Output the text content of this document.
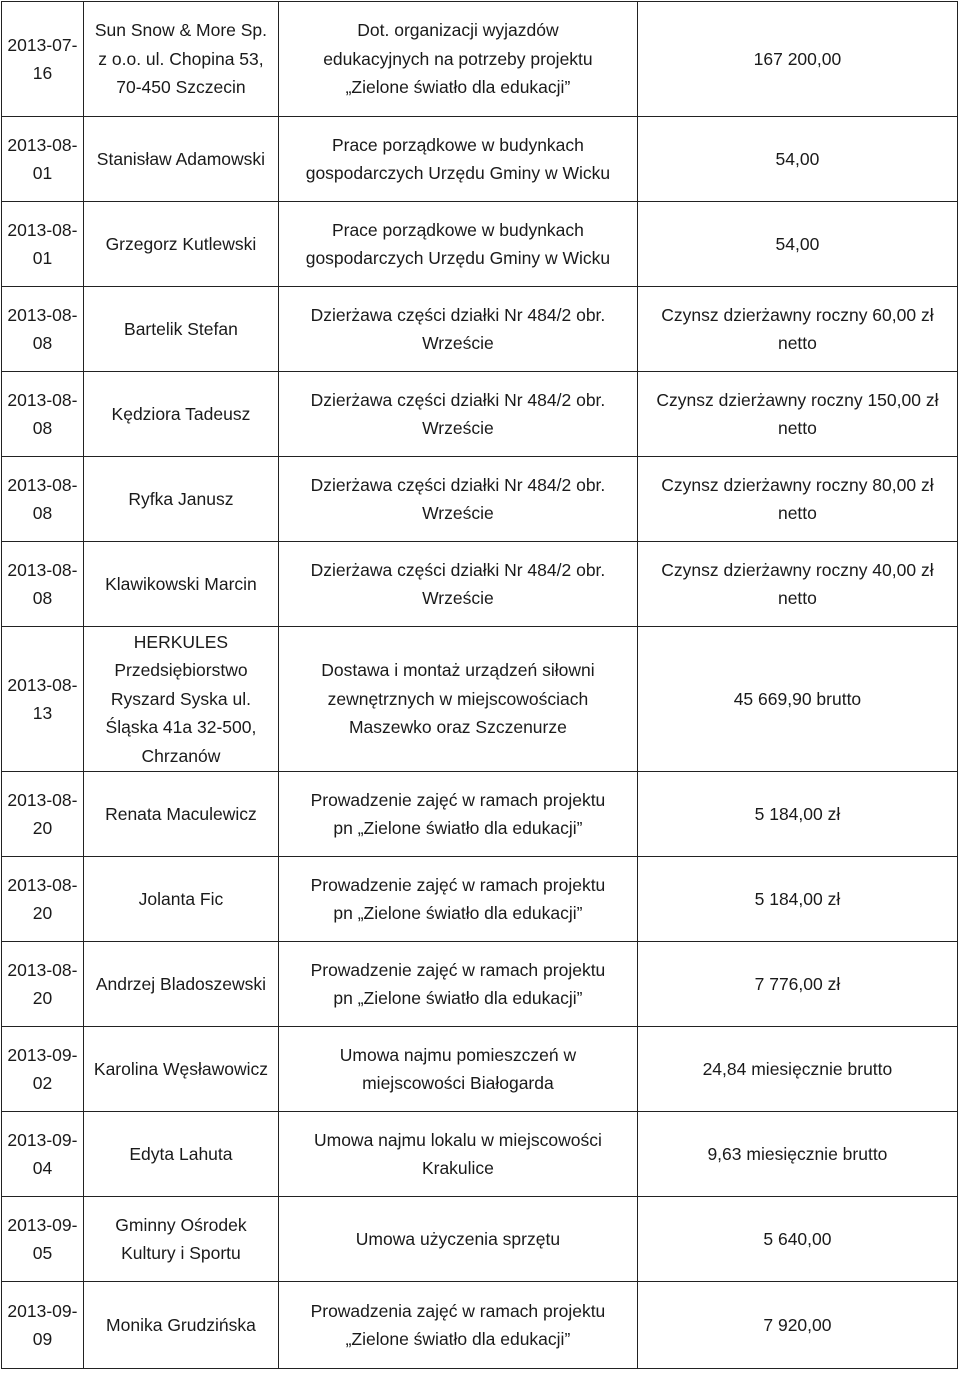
2013-07-
16	Sun Snow & More Sp.
z o.o. ul. Chopina 53,
70-450 Szczecin	Dot. organizacji wyjazdów
edukacyjnych na potrzeby projektu
„Zielone światło dla edukacji”	167 200,00

2013-08-
01	Stanisław Adamowski	Prace porządkowe w budynkach
gospodarczych Urzędu Gminy w Wicku	54,00

2013-08-
01	Grzegorz Kutlewski	Prace porządkowe w budynkach
gospodarczych Urzędu Gminy w Wicku	54,00

2013-08-
08	Bartelik Stefan	Dzierżawa części działki Nr 484/2 obr.
Wrzeście	Czynsz dzierżawny roczny 60,00 zł
netto

2013-08-
08	Kędziora Tadeusz	Dzierżawa części działki Nr 484/2 obr.
Wrzeście	Czynsz dzierżawny roczny 150,00 zł
netto

2013-08-
08	Ryfka Janusz	Dzierżawa części działki Nr 484/2 obr.
Wrzeście	Czynsz dzierżawny roczny 80,00 zł
netto

2013-08-
08	Klawikowski Marcin	Dzierżawa części działki Nr 484/2 obr.
Wrzeście	Czynsz dzierżawny roczny 40,00 zł
netto

2013-08-
13	HERKULES
Przedsiębiorstwo
Ryszard Syska ul.
Śląska 41a 32-500,
Chrzanów	Dostawa i montaż urządzeń siłowni
zewnętrznych w miejscowościach
Maszewko oraz Szczenurze	45 669,90 brutto

2013-08-
20	Renata Maculewicz	Prowadzenie zajęć w ramach projektu
pn „Zielone światło dla edukacji”	5 184,00 zł

2013-08-
20	Jolanta Fic	Prowadzenie zajęć w ramach projektu
pn „Zielone światło dla edukacji”	5 184,00 zł

2013-08-
20	Andrzej Bladoszewski	Prowadzenie zajęć w ramach projektu
pn „Zielone światło dla edukacji”	7 776,00 zł

2013-09-
02	Karolina Węsławowicz	Umowa najmu pomieszczeń w
miejscowości Białogarda	24,84 miesięcznie brutto

2013-09-
04	Edyta Lahuta	Umowa najmu lokalu w miejscowości
Krakulice	9,63 miesięcznie brutto

2013-09-
05	Gminny Ośrodek
Kultury i Sportu	Umowa użyczenia sprzętu	5 640,00

2013-09-
09	Monika Grudzińska	Prowadzenia zajęć w ramach projektu
„Zielone światło dla edukacji”	7 920,00
